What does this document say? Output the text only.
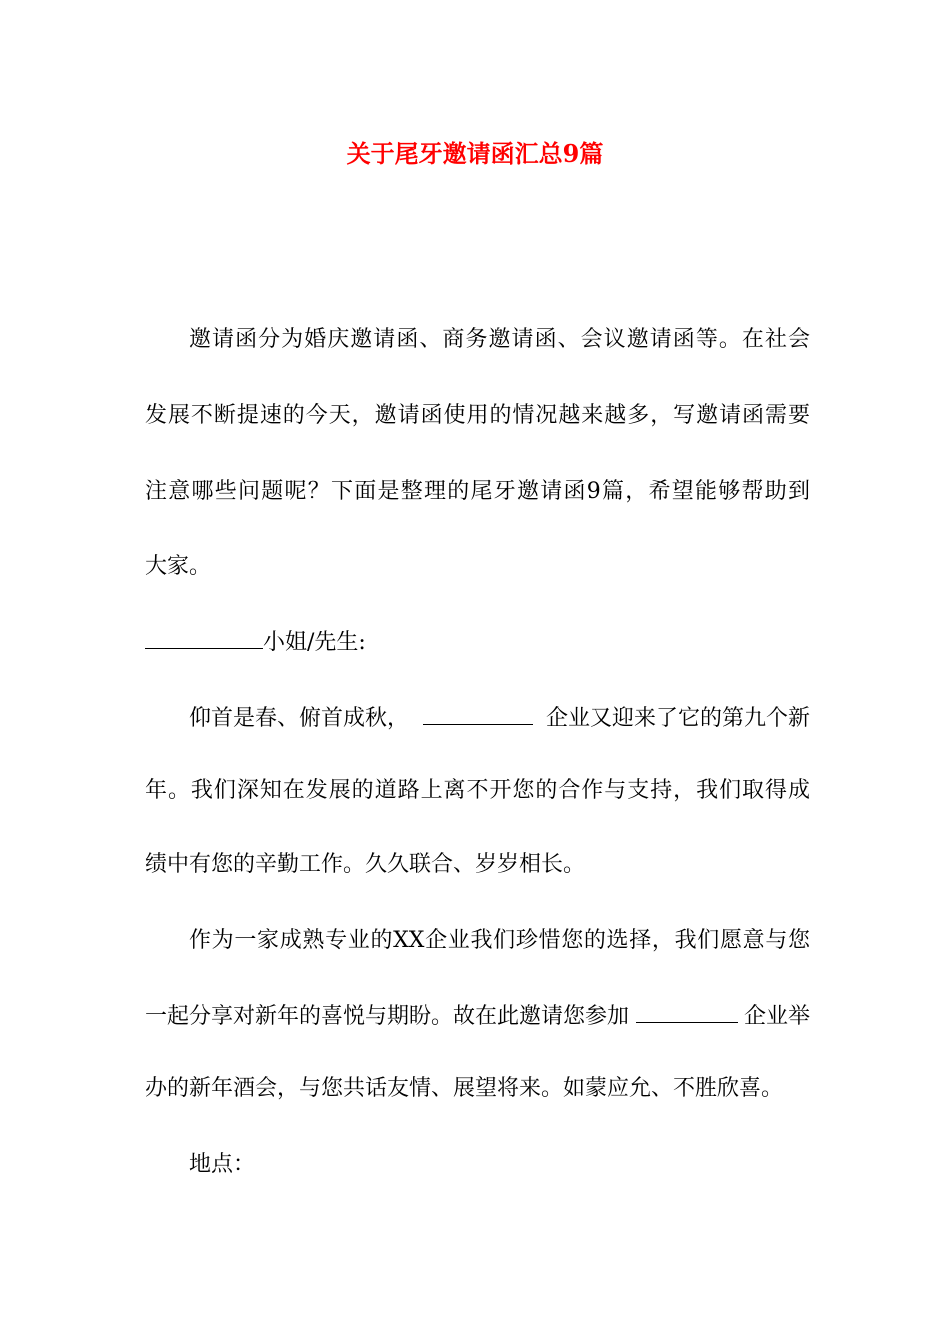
关于尾牙邀请函汇总9篇
邀请函分为婚庆邀请函、商务邀请函、会议邀请函等。在社会
发展不断提速的今天，邀请函使用的情况越来越多，写邀请函需要
注意哪些问题呢？下面是整理的尾牙邀请函9篇，希望能够帮助到
大家。
小姐/先生:
仰首是春、俯首成秋，	企业又迎来了它的第九个新
年。我们深知在发展的道路上离不开您的合作与支持，我们取得成
绩中有您的辛勤工作。久久联合、岁岁相长。
作为一家成熟专业的XX企业我们珍惜您的选择，我们愿意与您
一起分享对新年的喜悦与期盼。故在此邀请您参加	企业举
办的新年酒会，与您共话友情、展望将来。如蒙应允、不胜欣喜。
地点：
